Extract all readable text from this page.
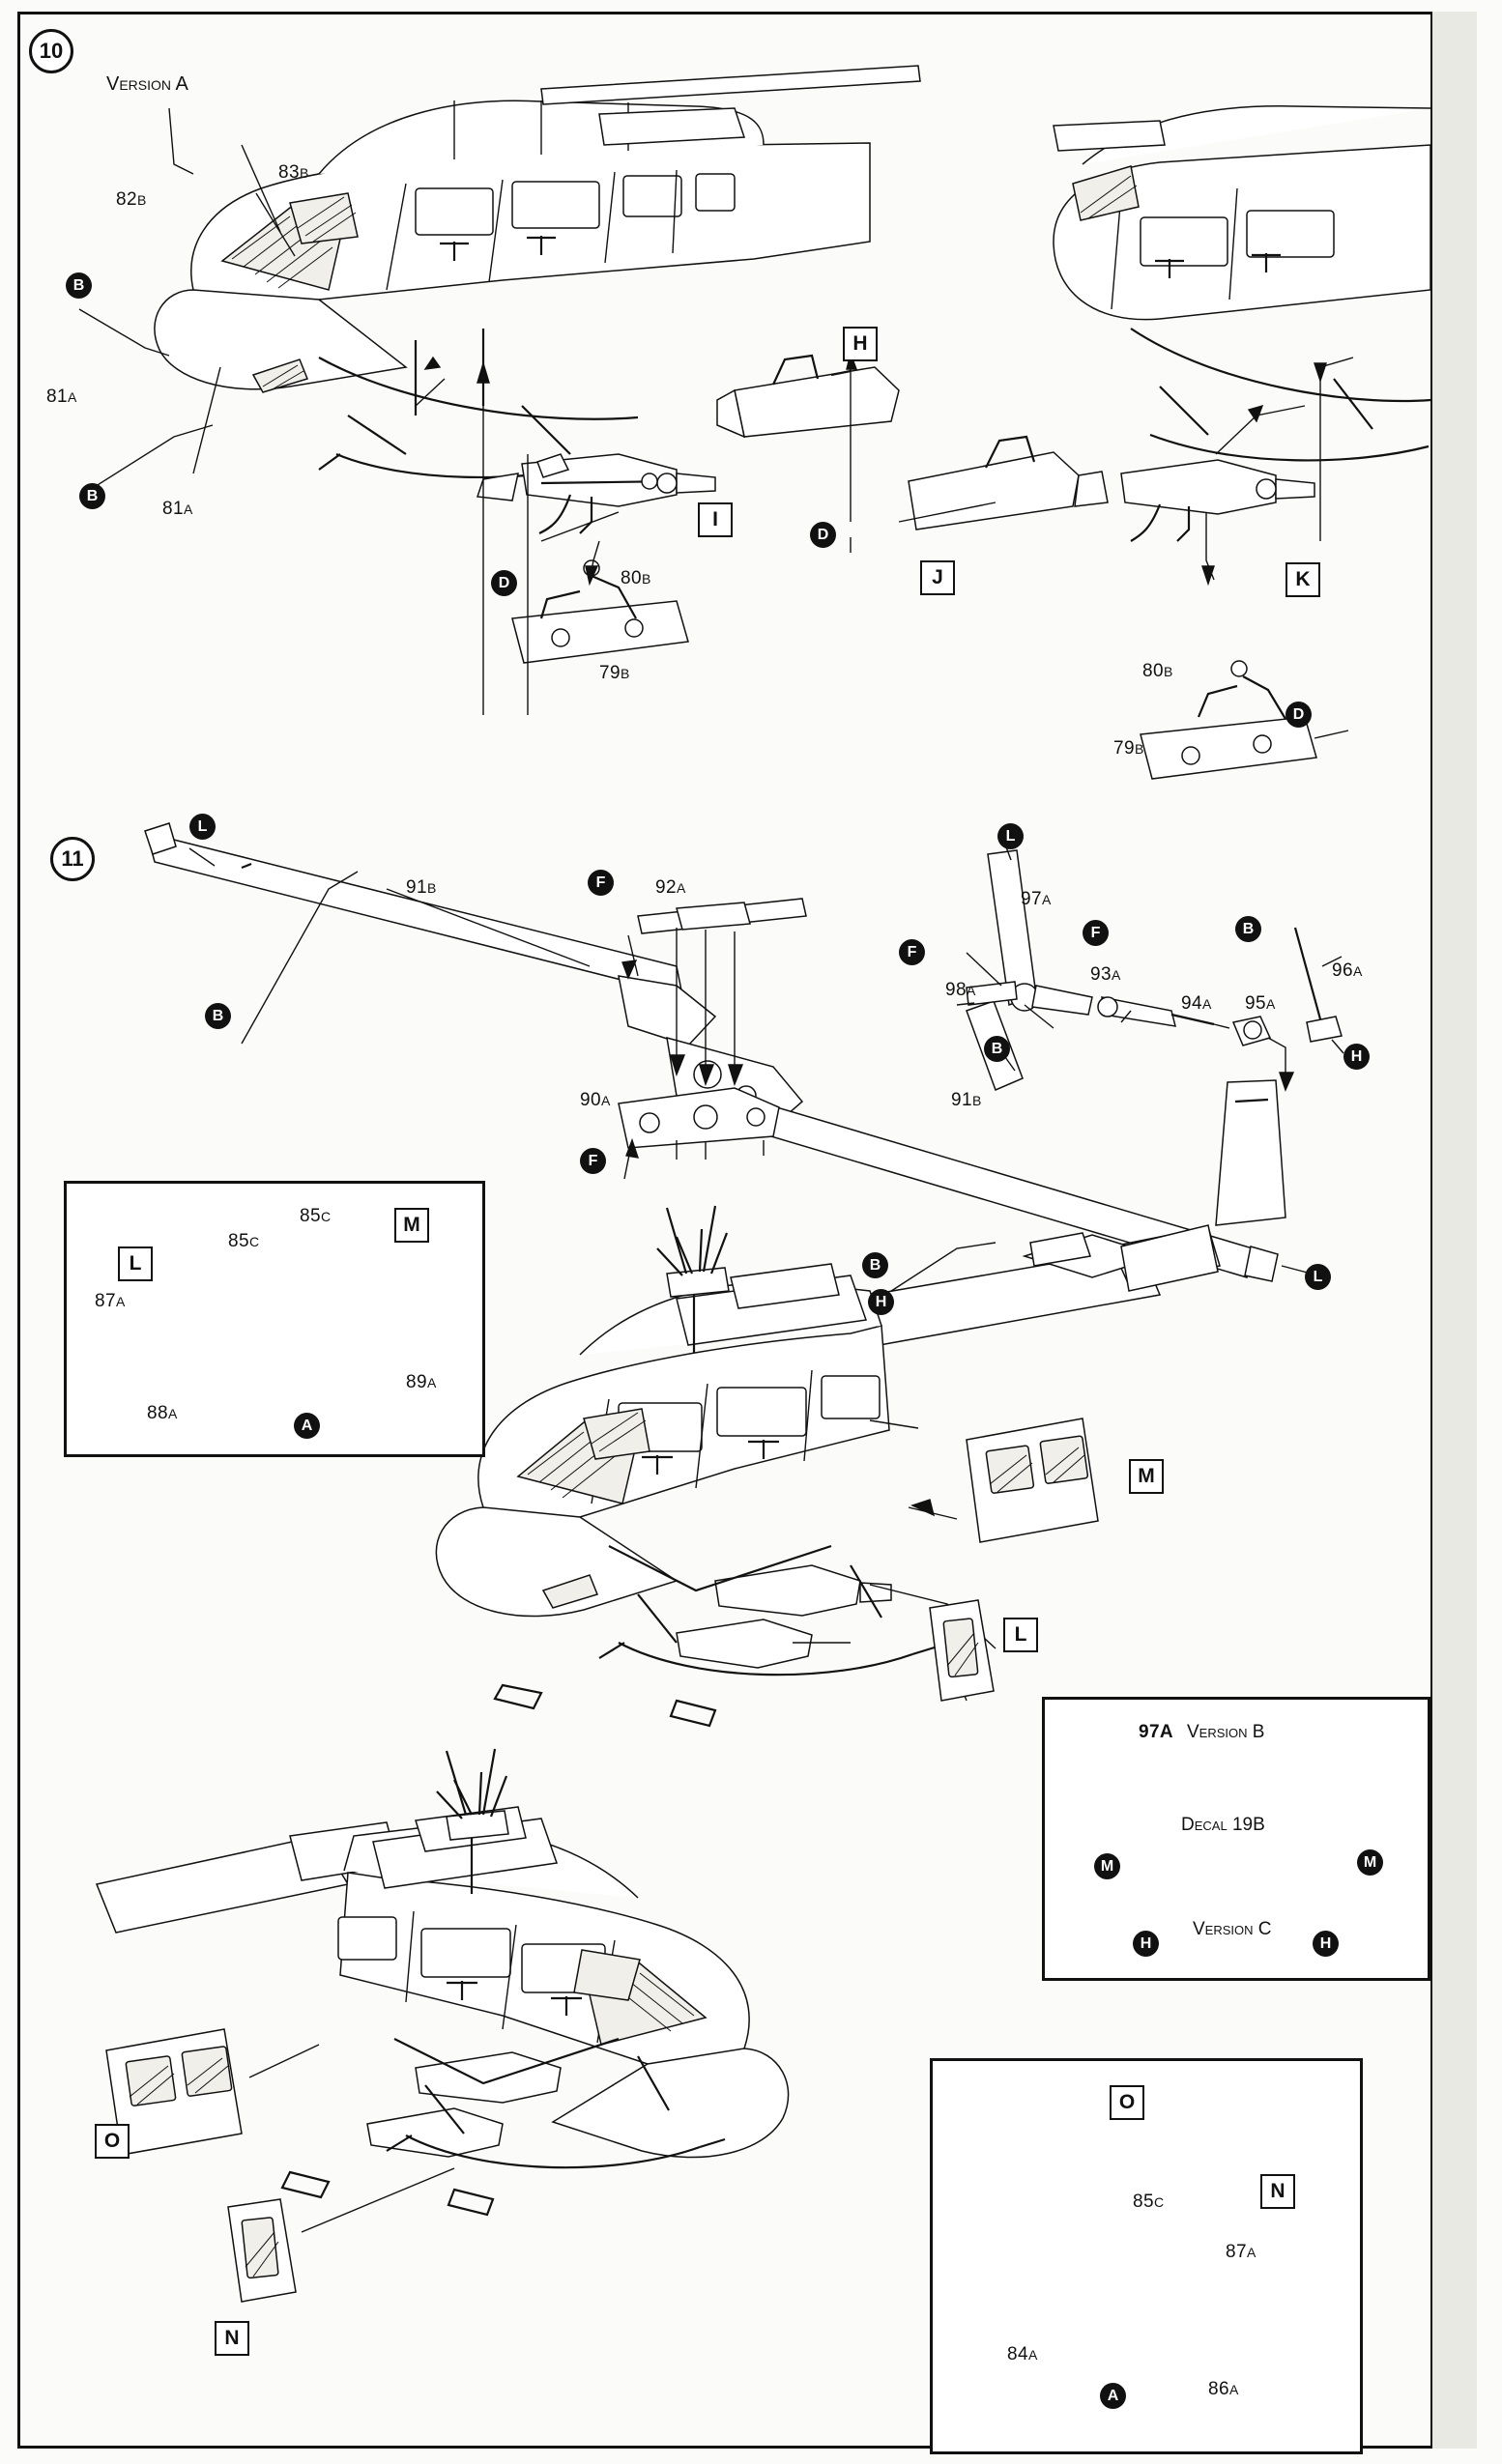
10
Version A
82B
83B
81A
81A
80B
79B	80B
79B
B
B
D
D
D
H
I
J	K
11
91B	92A
97A
98A
93A
94A 95A
96A
90A	91B
L
B
F
F
L
F
B
B
F
B
H
H
L
L
M
87A
85C
85C
88A
89A
A
M
L
O
N
97A Version B
Decal 19B
Version C
M	M
H	H
O
N
85C
87A
84A
86A
A
